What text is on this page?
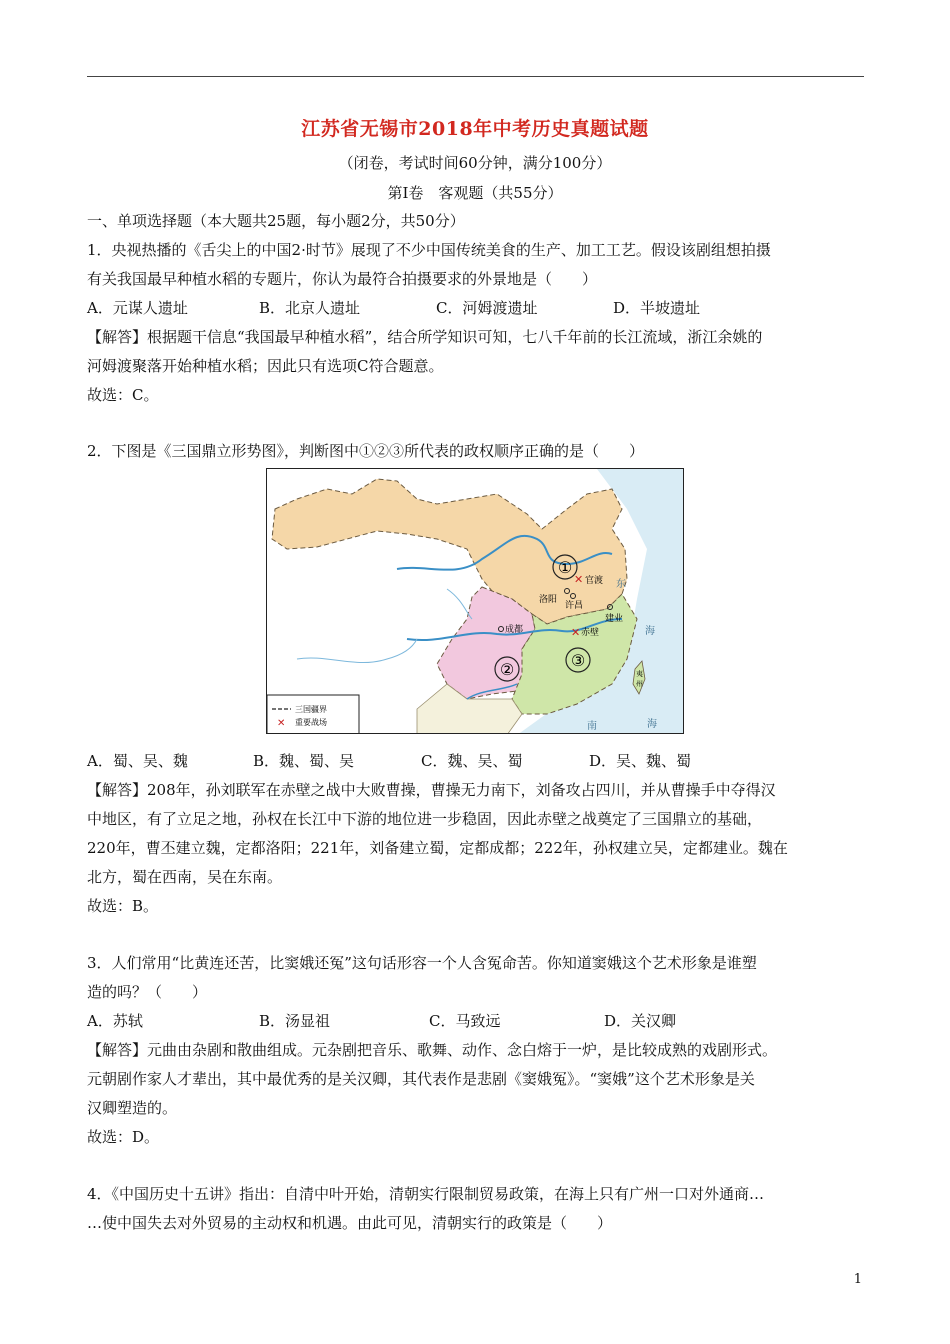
江苏省无锡市2018年中考历史真题试题
（闭卷，考试时间60分钟，满分100分）
第Ⅰ卷　客观题（共55分）
一、单项选择题（本大题共25题，每小题2分，共50分）
1．央视热播的《舌尖上的中国2·时节》展现了不少中国传统美食的生产、加工工艺。假设该剧组想拍摄
有关我国最早种植水稻的专题片，你认为最符合拍摄要求的外景地是（　　）
A．元谋人遗址	B．北京人遗址	C．河姆渡遗址	D．半坡遗址
【解答】根据题干信息“我国最早种植水稻”，结合所学知识可知，七八千年前的长江流域，浙江余姚的
河姆渡聚落开始种植水稻；因此只有选项C符合题意。
故选：C。
2．下图是《三国鼎立形势图》，判断图中①②③所代表的政权顺序正确的是（　　）
①
②	③
✕ 官渡
洛阳
许昌
成都
建业
✕ 赤壁
东
海
南	海
夷
州
三国疆界
✕ 重要战场
A．蜀、吴、魏	B．魏、蜀、吴	C．魏、吴、蜀	D．吴、魏、蜀
【解答】208年，孙刘联军在赤壁之战中大败曹操，曹操无力南下，刘备攻占四川，并从曹操手中夺得汉
中地区，有了立足之地，孙权在长江中下游的地位进一步稳固，因此赤壁之战奠定了三国鼎立的基础，
220年，曹丕建立魏，定都洛阳；221年，刘备建立蜀，定都成都；222年，孙权建立吴，定都建业。魏在
北方，蜀在西南，吴在东南。
故选：B。
3．人们常用“比黄连还苦，比窦娥还冤”这句话形容一个人含冤命苦。你知道窦娥这个艺术形象是谁塑
造的吗？（　　）
A．苏轼	B．汤显祖	C．马致远	D．关汉卿
【解答】元曲由杂剧和散曲组成。元杂剧把音乐、歌舞、动作、念白熔于一炉，是比较成熟的戏剧形式。
元朝剧作家人才辈出，其中最优秀的是关汉卿，其代表作是悲剧《窦娥冤》。“窦娥”这个艺术形象是关
汉卿塑造的。
故选：D。
4．《中国历史十五讲》指出：自清中叶开始，清朝实行限制贸易政策，在海上只有广州一口对外通商…
…使中国失去对外贸易的主动权和机遇。由此可见，清朝实行的政策是（　　）
1
